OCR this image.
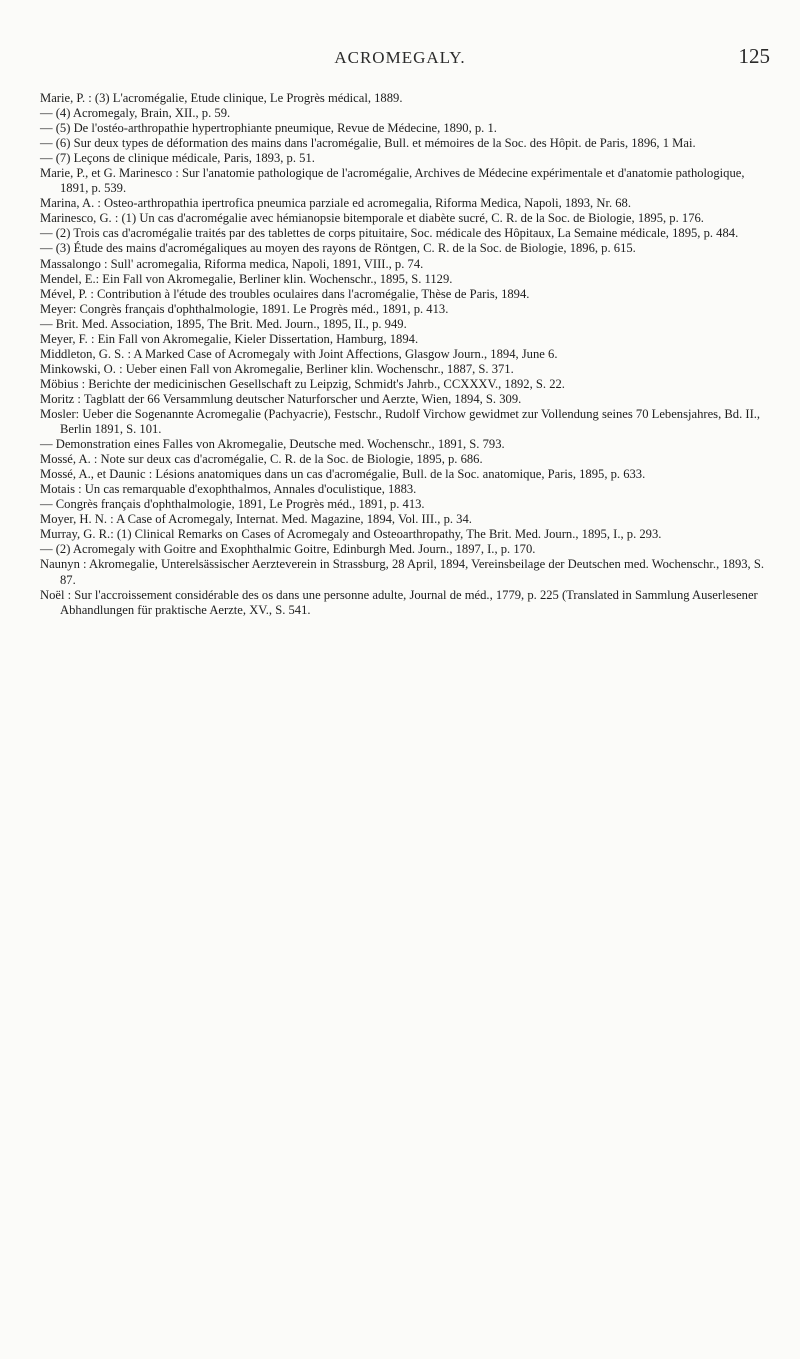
ACROMEGALY.	125

Marie, P. : (3) L'acromégalie, Etude clinique, Le Progrès médical, 1889.

— (4) Acromegaly, Brain, XII., p. 59.

— (5) De l'ostéo-arthropathie hypertrophiante pneumique, Revue de Médecine, 1890, p. 1.

— (6) Sur deux types de déformation des mains dans l'acromégalie, Bull. et mémoires de la Soc. des Hôpit. de Paris, 1896, 1 Mai.

— (7) Leçons de clinique médicale, Paris, 1893, p. 51.

Marie, P., et G. Marinesco : Sur l'anatomie pathologique de l'acromégalie, Archives de Médecine expérimentale et d'anatomie pathologique, 1891, p. 539.

Marina, A. : Osteo-arthropathia ipertrofica pneumica parziale ed acromegalia, Riforma Medica, Napoli, 1893, Nr. 68.

Marinesco, G. : (1) Un cas d'acromégalie avec hémianopsie bitemporale et diabète sucré, C. R. de la Soc. de Biologie, 1895, p. 176.

— (2) Trois cas d'acromégalie traités par des tablettes de corps pituitaire, Soc. médicale des Hôpitaux, La Semaine médicale, 1895, p. 484.

— (3) Étude des mains d'acromégaliques au moyen des rayons de Röntgen, C. R. de la Soc. de Biologie, 1896, p. 615.

Massalongo : Sull' acromegalia, Riforma medica, Napoli, 1891, VIII., p. 74.

Mendel, E.: Ein Fall von Akromegalie, Berliner klin. Wochenschr., 1895, S. 1129.

Mével, P. : Contribution à l'étude des troubles oculaires dans l'acromégalie, Thèse de Paris, 1894.

Meyer: Congrès français d'ophthalmologie, 1891. Le Progrès méd., 1891, p. 413.

— Brit. Med. Association, 1895, The Brit. Med. Journ., 1895, II., p. 949.

Meyer, F. : Ein Fall von Akromegalie, Kieler Dissertation, Hamburg, 1894.

Middleton, G. S. : A Marked Case of Acromegaly with Joint Affections, Glasgow Journ., 1894, June 6.

Minkowski, O. : Ueber einen Fall von Akromegalie, Berliner klin. Wochenschr., 1887, S. 371.

Möbius : Berichte der medicinischen Gesellschaft zu Leipzig, Schmidt's Jahrb., CCXXXV., 1892, S. 22.

Moritz : Tagblatt der 66 Versammlung deutscher Naturforscher und Aerzte, Wien, 1894, S. 309.

Mosler: Ueber die Sogenannte Acromegalie (Pachyacrie), Festschr., Rudolf Virchow gewidmet zur Vollendung seines 70 Lebensjahres, Bd. II., Berlin 1891, S. 101.

— Demonstration eines Falles von Akromegalie, Deutsche med. Wochenschr., 1891, S. 793.

Mossé, A. : Note sur deux cas d'acromégalie, C. R. de la Soc. de Biologie, 1895, p. 686.

Mossé, A., et Daunic : Lésions anatomiques dans un cas d'acromégalie, Bull. de la Soc. anatomique, Paris, 1895, p. 633.

Motais : Un cas remarquable d'exophthalmos, Annales d'oculistique, 1883.

— Congrès français d'ophthalmologie, 1891, Le Progrès méd., 1891, p. 413.

Moyer, H. N. : A Case of Acromegaly, Internat. Med. Magazine, 1894, Vol. III., p. 34.

Murray, G. R.: (1) Clinical Remarks on Cases of Acromegaly and Osteoarthropathy, The Brit. Med. Journ., 1895, I., p. 293.

— (2) Acromegaly with Goitre and Exophthalmic Goitre, Edinburgh Med. Journ., 1897, I., p. 170.

Naunyn : Akromegalie, Unterelsässischer Aerzteverein in Strassburg, 28 April, 1894, Vereinsbeilage der Deutschen med. Wochenschr., 1893, S. 87.

Noël : Sur l'accroissement considérable des os dans une personne adulte, Journal de méd., 1779, p. 225 (Translated in Sammlung Auserlesener Abhandlungen für praktische Aerzte, XV., S. 541.
